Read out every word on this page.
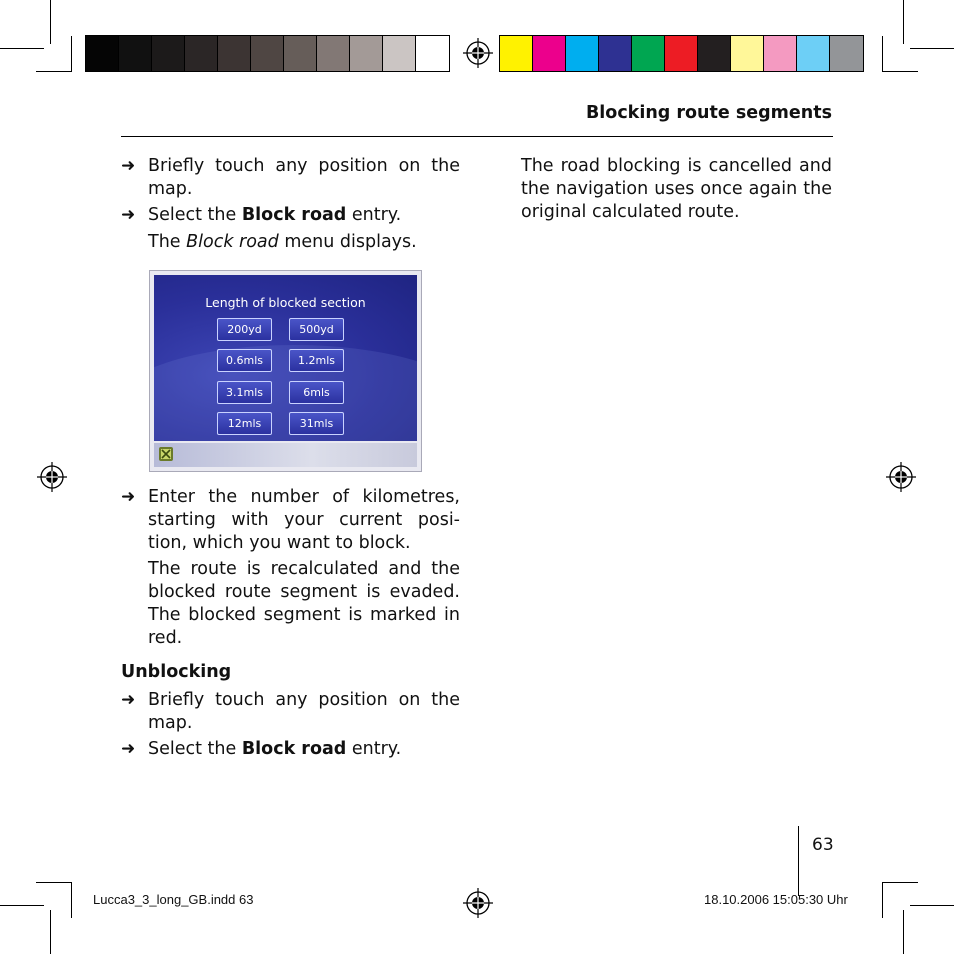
Blocking route segments
➜ Briefly touch any position on the map.
➜ Select the Block road entry.
The Block road menu displays.
Length of blocked section
200yd	500yd
0.6mls	1.2mls
3.1mls	6mls
12mls	31mls
➜ Enter the number of kilometres,
starting with your current posi-
tion, which you want to block.
The route is recalculated and the
blocked route segment is evaded.
The blocked segment is marked in
red.
Unblocking
➜ Briefly touch any position on the map.
➜ Select the Block road entry.
The road blocking is cancelled and
the navigation uses once again the
original calculated route.
63
Lucca3_3_long_GB.indd 63	18.10.2006 15:05:30 Uhr
